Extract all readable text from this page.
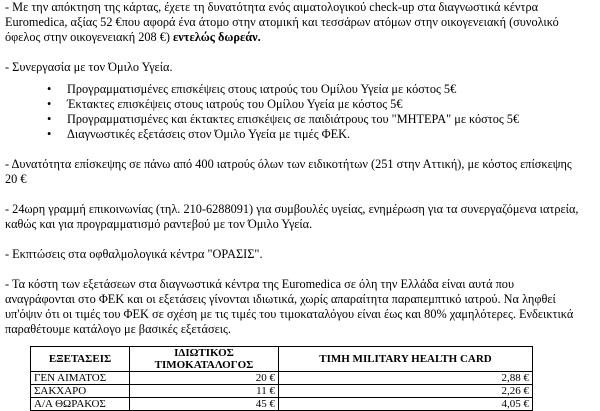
- Με την απόκτηση της κάρτας, έχετε τη δυνατότητα ενός αιματολογικού check-up στα διαγνωστικά κέντρα Euromedica, αξίας 52 €που αφορά ένα άτομο στην ατομική και τεσσάρων ατόμων στην οικογενειακή (συνολικό όφελος στην οικογενειακή 208 €) εντελώς δωρεάν.

- Συνεργασία με τον Όμιλο Υγεία.

• Προγραμματισμένες επισκέψεις στους ιατρούς του Ομίλου Υγεία με κόστος 5€
• Έκτακτες επισκέψεις στους ιατρούς του Ομίλου Υγεία με κόστος 5€
• Προγραμματισμένες και έκτακτες επισκέψεις σε παιδιάτρους του "ΜΗΤΕΡΑ" με κόστος 5€
• Διαγνωστικές εξετάσεις στον Όμιλο Υγεία με τιμές ΦΕΚ.

- Δυνατότητα επίσκεψης σε πάνω από 400 ιατρούς όλων των ειδικοτήτων (251 στην Αττική), με κόστος επίσκεψης 20 €

- 24ωρη γραμμή επικοινωνίας (τηλ. 210-6288091) για συμβουλές υγείας, ενημέρωση για τα συνεργαζόμενα ιατρεία, καθώς και για προγραμματισμό ραντεβού με τον Όμιλο Υγεία.

- Εκπτώσεις στα οφθαλμολογικά κέντρα "ΟΡΑΣΙΣ".

- Τα κόστη των εξετάσεων στα διαγνωστικά κέντρα της Euromedica σε όλη την Ελλάδα είναι αυτά που αναγράφονται στο ΦΕΚ και οι εξετάσεις γίνονται ιδιωτικά, χωρίς απαραίτητα παραπεμπτικό ιατρού. Να ληφθεί υπ'όψιν ότι οι τιμές του ΦΕΚ σε σχέση με τις τιμές του τιμοκαταλόγου είναι έως και 80% χαμηλότερες. Ενδεικτικά παραθέτουμε κατάλογο με βασικές εξετάσεις.

ΕΞΕΤΑΣΕΙΣ	ΙΔΙΩΤΙΚΟΣ ΤΙΜΟΚΑΤΑΛΟΓΟΣ	ΤΙΜΗ MILITARY HEALTH CARD
ΓΕΝ ΑΙΜΑΤΟΣ	20 €	2,88 €
ΣΑΚΧΑΡΟ	11 €	2,26 €
Α/Α ΘΩΡΑΚΟΣ	45 €	4,05 €
